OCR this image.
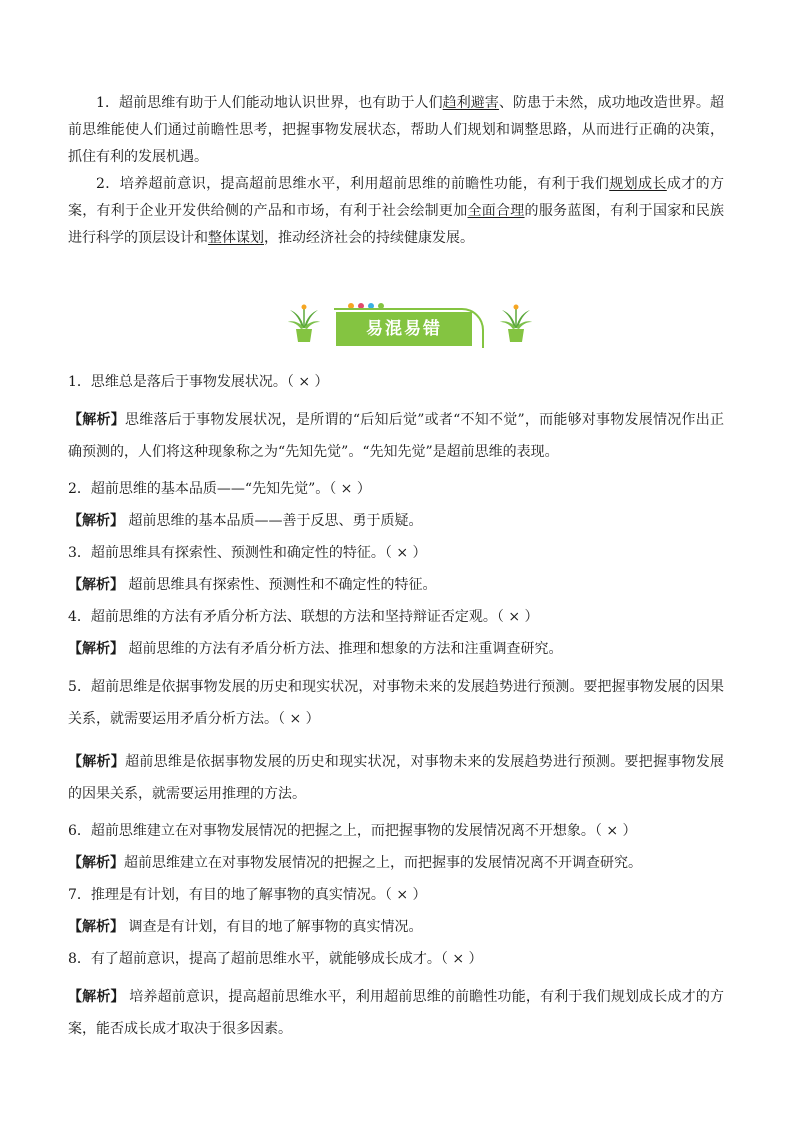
1．超前思维有助于人们能动地认识世界，也有助于人们趋利避害、防患于未然，成功地改造世界。超前思维能使人们通过前瞻性思考，把握事物发展状态，帮助人们规划和调整思路，从而进行正确的决策，抓住有利的发展机遇。

2．培养超前意识，提高超前思维水平，利用超前思维的前瞻性功能，有利于我们规划成长成才的方案，有利于企业开发供给侧的产品和市场，有利于社会绘制更加全面合理的服务蓝图，有利于国家和民族进行科学的顶层设计和整体谋划，推动经济社会的持续健康发展。

易混易错
1．思维总是落后于事物发展状况。（ × ）
【解析】思维落后于事物发展状况，是所谓的“后知后觉”或者“不知不觉”，而能够对事物发展情况作出正确预测的，人们将这种现象称之为“先知先觉”。“先知先觉”是超前思维的表现。
2．超前思维的基本品质——“先知先觉”。（ × ）
【解析】 超前思维的基本品质——善于反思、勇于质疑。
3．超前思维具有探索性、预测性和确定性的特征。（ × ）
【解析】 超前思维具有探索性、预测性和不确定性的特征。
4．超前思维的方法有矛盾分析方法、联想的方法和坚持辩证否定观。（ × ）
【解析】 超前思维的方法有矛盾分析方法、推理和想象的方法和注重调查研究。
5．超前思维是依据事物发展的历史和现实状况，对事物未来的发展趋势进行预测。要把握事物发展的因果关系，就需要运用矛盾分析方法。（ × ）
【解析】超前思维是依据事物发展的历史和现实状况，对事物未来的发展趋势进行预测。要把握事物发展的因果关系，就需要运用推理的方法。
6．超前思维建立在对事物发展情况的把握之上，而把握事物的发展情况离不开想象。（ × ）
【解析】超前思维建立在对事物发展情况的把握之上，而把握事的发展情况离不开调查研究。
7．推理是有计划，有目的地了解事物的真实情况。（ × ）
【解析】 调查是有计划，有目的地了解事物的真实情况。
8．有了超前意识，提高了超前思维水平，就能够成长成才。（ × ）
【解析】 培养超前意识，提高超前思维水平，利用超前思维的前瞻性功能，有利于我们规划成长成才的方案，能否成长成才取决于很多因素。
